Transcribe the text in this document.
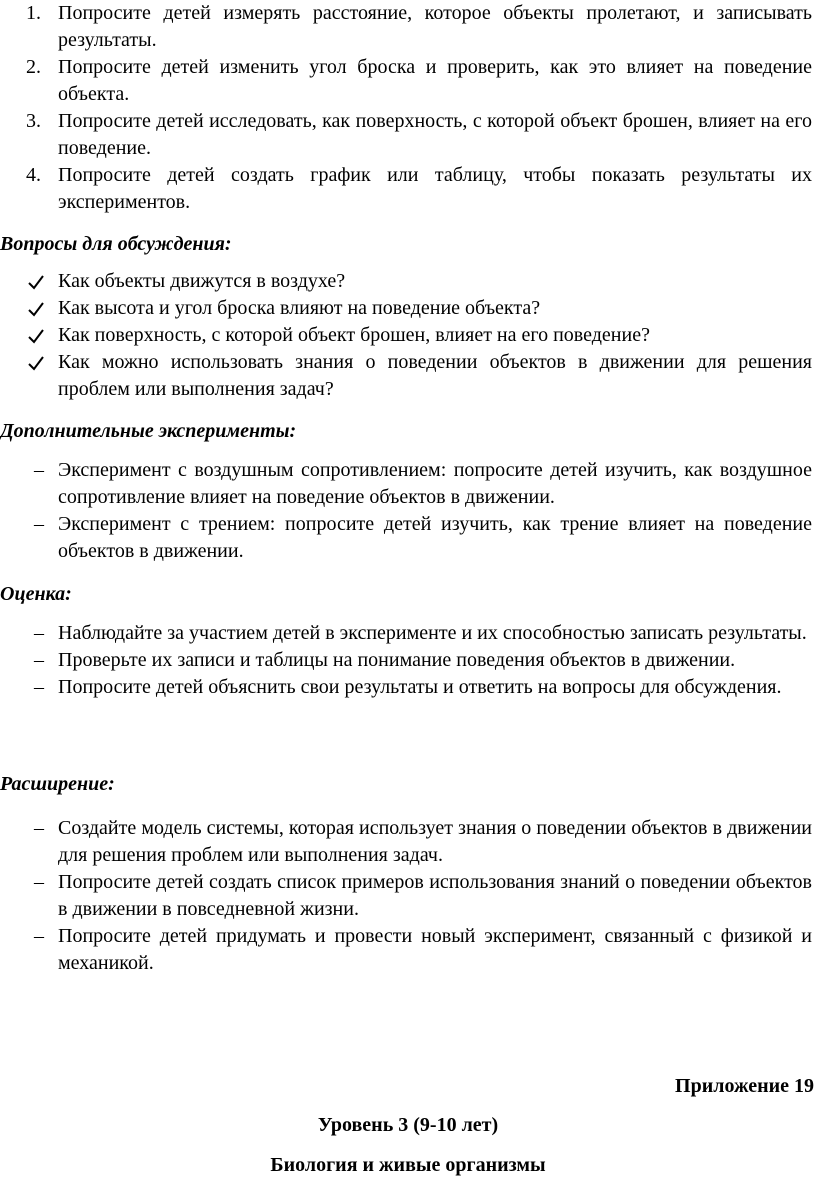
1. Попросите детей измерять расстояние, которое объекты пролетают, и записывать результаты.
2. Попросите детей изменить угол броска и проверить, как это влияет на поведение объекта.
3. Попросите детей исследовать, как поверхность, с которой объект брошен, влияет на его поведение.
4. Попросите детей создать график или таблицу, чтобы показать результаты их экспериментов.
Вопросы для обсуждения:
Как объекты движутся в воздухе?
Как высота и угол броска влияют на поведение объекта?
Как поверхность, с которой объект брошен, влияет на его поведение?
Как можно использовать знания о поведении объектов в движении для решения проблем или выполнения задач?
Дополнительные эксперименты:
– Эксперимент с воздушным сопротивлением: попросите детей изучить, как воздушное сопротивление влияет на поведение объектов в движении.
– Эксперимент с трением: попросите детей изучить, как трение влияет на поведение объектов в движении.
Оценка:
– Наблюдайте за участием детей в эксперименте и их способностью записать результаты.
– Проверьте их записи и таблицы на понимание поведения объектов в движении.
– Попросите детей объяснить свои результаты и ответить на вопросы для обсуждения.
Расширение:
– Создайте модель системы, которая использует знания о поведении объектов в движении для решения проблем или выполнения задач.
– Попросите детей создать список примеров использования знаний о поведении объектов в движении в повседневной жизни.
– Попросите детей придумать и провести новый эксперимент, связанный с физикой и механикой.
Приложение 19
Уровень 3 (9-10 лет)
Биология и живые организмы
